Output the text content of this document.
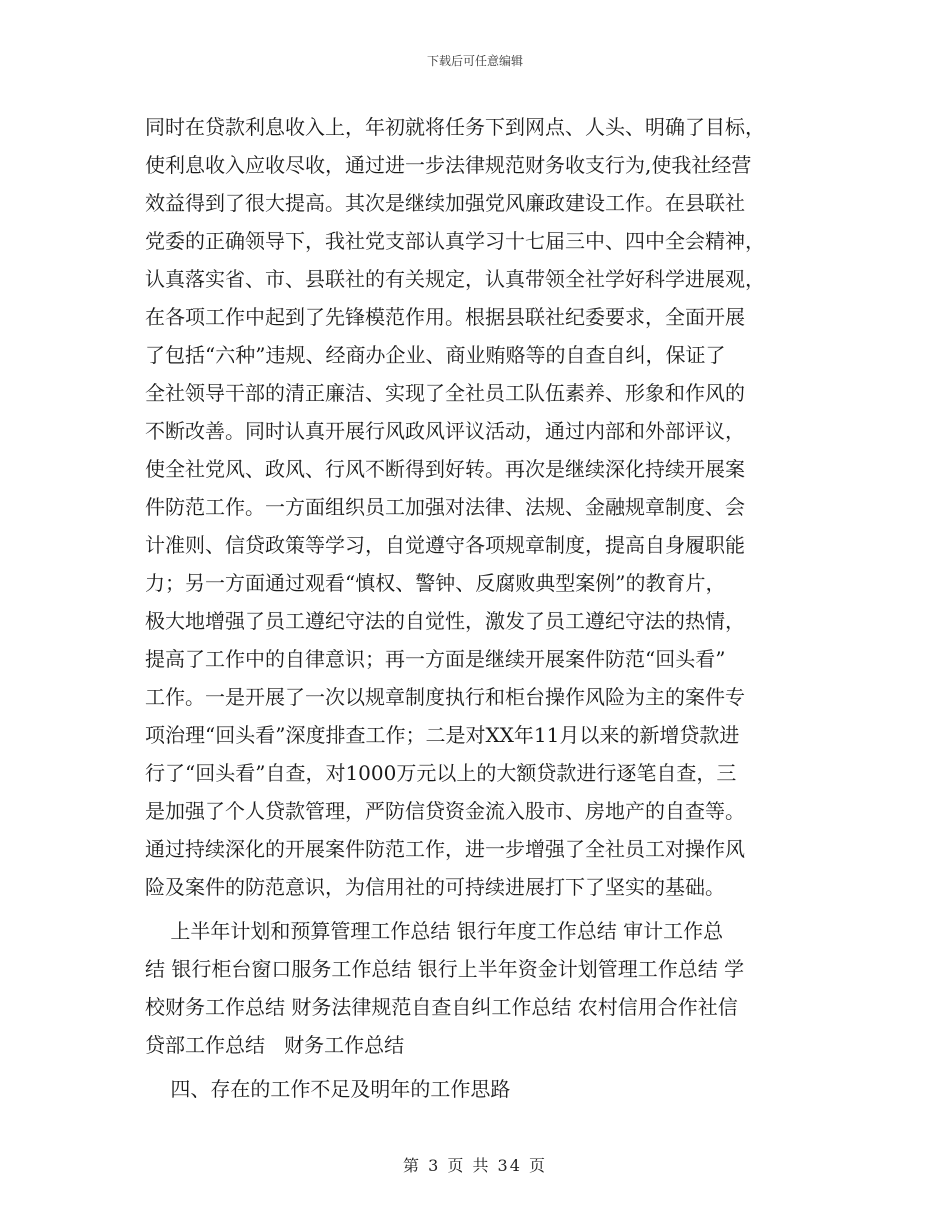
下载后可任意编辑
同时在贷款利息收入上，年初就将任务下到网点、人头、明确了目标，
使利息收入应收尽收，通过进一步法律规范财务收支行为,使我社经营
效益得到了很大提高。其次是继续加强党风廉政建设工作。在县联社
党委的正确领导下，我社党支部认真学习十七届三中、四中全会精神，
认真落实省、市、县联社的有关规定，认真带领全社学好科学进展观，
在各项工作中起到了先锋模范作用。根据县联社纪委要求，全面开展
了包括“六种”违规、经商办企业、商业贿赂等的自查自纠，保证了
全社领导干部的清正廉洁、实现了全社员工队伍素养、形象和作风的
不断改善。同时认真开展行风政风评议活动，通过内部和外部评议，
使全社党风、政风、行风不断得到好转。再次是继续深化持续开展案
件防范工作。一方面组织员工加强对法律、法规、金融规章制度、会
计准则、信贷政策等学习，自觉遵守各项规章制度，提高自身履职能
力；另一方面通过观看“慎权、警钟、反腐败典型案例”的教育片，
极大地增强了员工遵纪守法的自觉性，激发了员工遵纪守法的热情，
提高了工作中的自律意识；再一方面是继续开展案件防范“回头看”
工作。一是开展了一次以规章制度执行和柜台操作风险为主的案件专
项治理“回头看”深度排查工作；二是对XX年11月以来的新增贷款进
行了“回头看”自查，对1000万元以上的大额贷款进行逐笔自查，三
是加强了个人贷款管理，严防信贷资金流入股市、房地产的自查等。
通过持续深化的开展案件防范工作，进一步增强了全社员工对操作风
险及案件的防范意识，为信用社的可持续进展打下了坚实的基础。
上半年计划和预算管理工作总结 银行年度工作总结 审计工作总
结 银行柜台窗口服务工作总结 银行上半年资金计划管理工作总结 学
校财务工作总结 财务法律规范自查自纠工作总结 农村信用合作社信
贷部工作总结   财务工作总结
四、存在的工作不足及明年的工作思路
第 3 页 共 34 页
